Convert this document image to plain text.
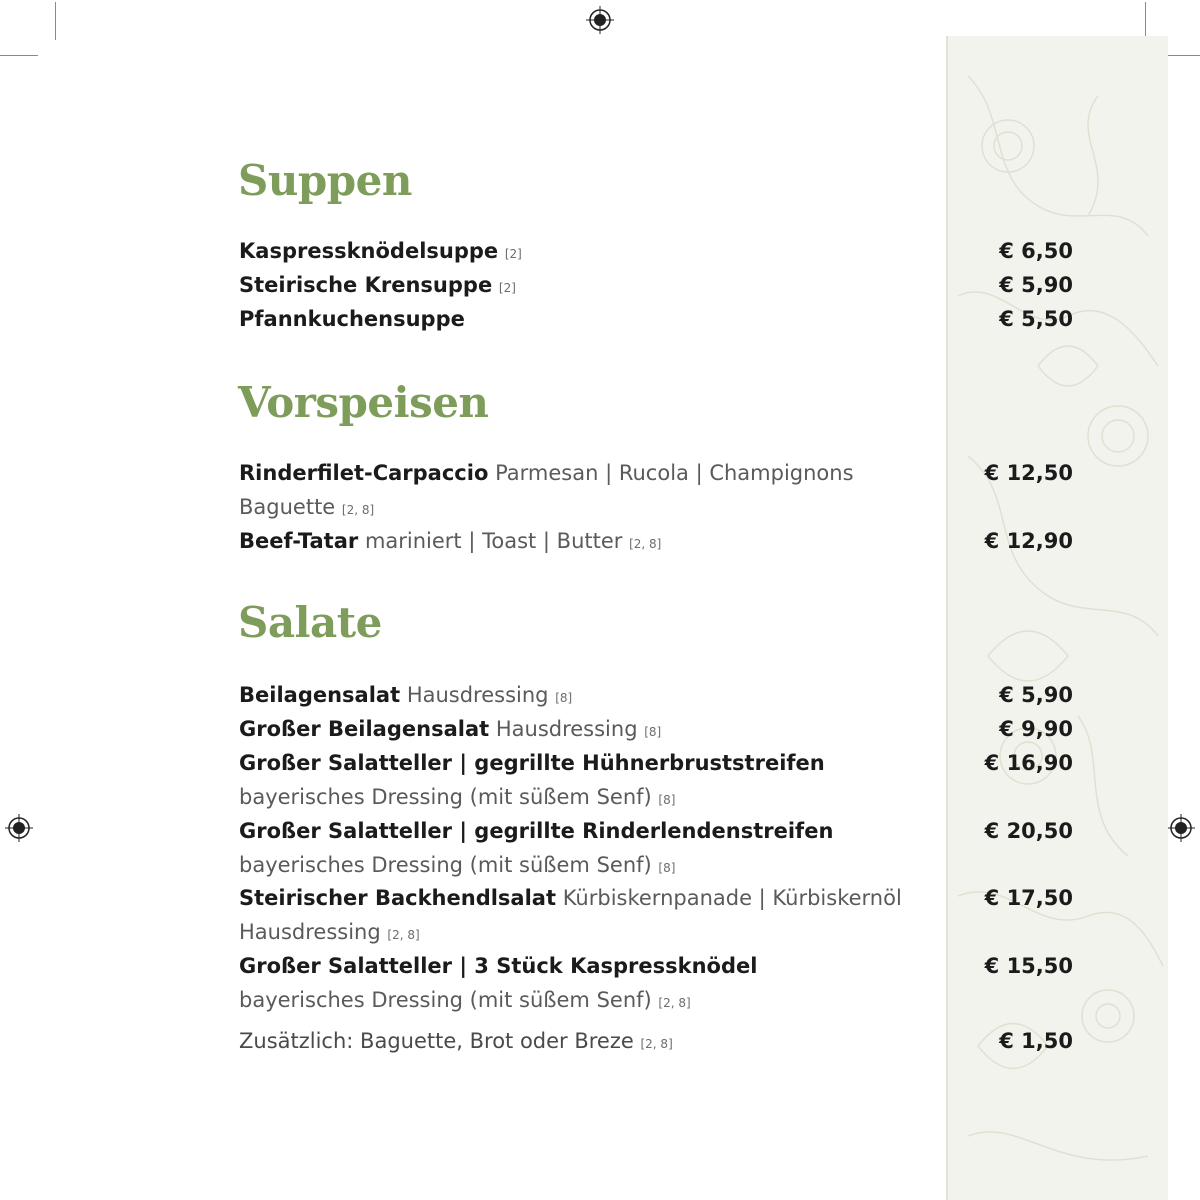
Suppen
Kaspressknödelsuppe [2]	€ 6,50
Steirische Krensuppe [2]	€ 5,90
Pfannkuchensuppe	€ 5,50
Vorspeisen
Rinderfilet-Carpaccio Parmesan | Rucola | Champignons	€ 12,50
Baguette [2, 8]
Beef-Tatar mariniert | Toast | Butter [2, 8]	€ 12,90
Salate
Beilagensalat Hausdressing [8]	€ 5,90
Großer Beilagensalat Hausdressing [8]	€ 9,90
Großer Salatteller | gegrillte Hühnerbruststreifen	€ 16,90
bayerisches Dressing (mit süßem Senf) [8]
Großer Salatteller | gegrillte Rinderlendenstreifen	€ 20,50
bayerisches Dressing (mit süßem Senf) [8]
Steirischer Backhendlsalat Kürbiskernpanade | Kürbiskernöl	€ 17,50
Hausdressing [2, 8]
Großer Salatteller | 3 Stück Kaspressknödel	€ 15,50
bayerisches Dressing (mit süßem Senf) [2, 8]
Zusätzlich: Baguette, Brot oder Breze [2, 8]	€ 1,50
